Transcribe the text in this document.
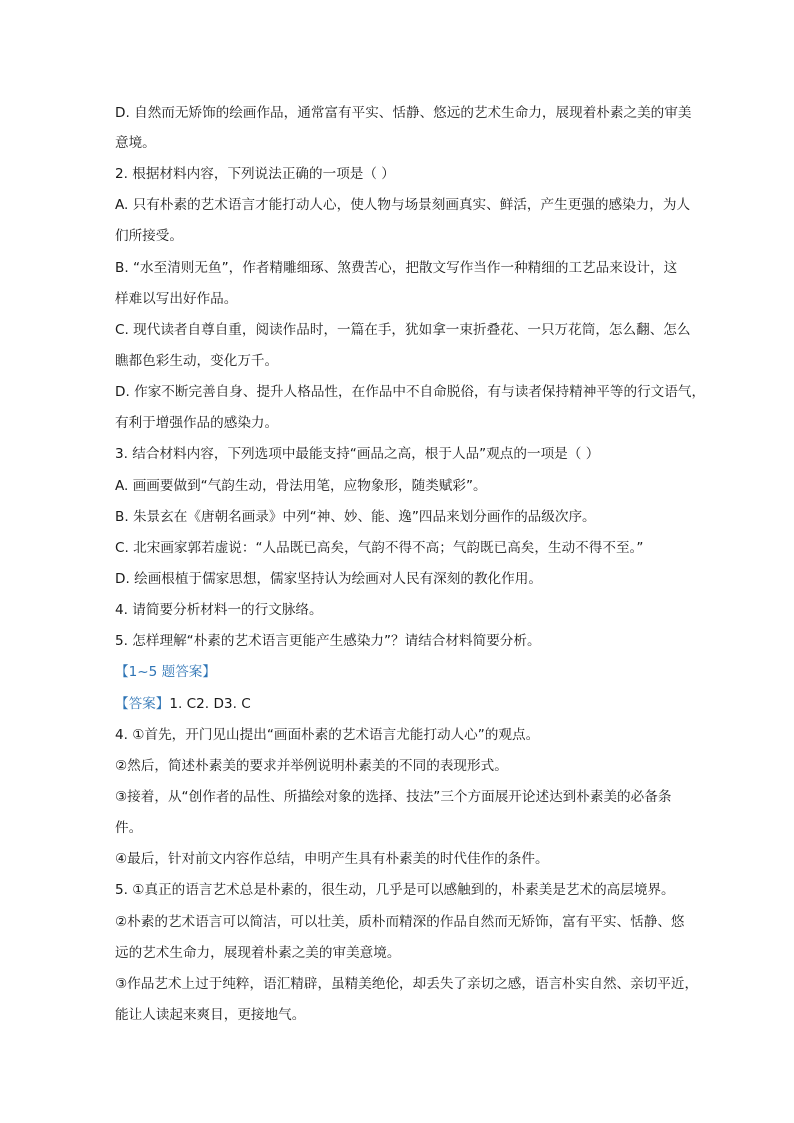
D. 自然而无矫饰的绘画作品，通常富有平实、恬静、悠远的艺术生命力，展现着朴素之美的审美
意境。
2. 根据材料内容，下列说法正确的一项是（ ）
A. 只有朴素的艺术语言才能打动人心，使人物与场景刻画真实、鲜活，产生更强的感染力，为人
们所接受。
B. “水至清则无鱼”，作者精雕细琢、煞费苦心，把散文写作当作一种精细的工艺品来设计，这
样难以写出好作品。
C. 现代读者自尊自重，阅读作品时，一篇在手，犹如拿一束折叠花、一只万花筒，怎么翻、怎么
瞧都色彩生动，变化万千。
D. 作家不断完善自身、提升人格品性，在作品中不自命脱俗，有与读者保持精神平等的行文语气，
有利于增强作品的感染力。
3. 结合材料内容，下列选项中最能支持“画品之高，根于人品”观点的一项是（ ）
A. 画画要做到“气韵生动，骨法用笔，应物象形，随类赋彩”。
B. 朱景玄在《唐朝名画录》中列“神、妙、能、逸”四品来划分画作的品级次序。
C. 北宋画家郭若虚说：“人品既已高矣，气韵不得不高；气韵既已高矣，生动不得不至。”
D. 绘画根植于儒家思想，儒家坚持认为绘画对人民有深刻的教化作用。
4. 请简要分析材料一的行文脉络。
5. 怎样理解“朴素的艺术语言更能产生感染力”？请结合材料简要分析。
【1~5 题答案】
【答案】1. C2. D3. C
4. ①首先，开门见山提出“画面朴素的艺术语言尤能打动人心”的观点。
②然后，简述朴素美的要求并举例说明朴素美的不同的表现形式。
③接着，从“创作者的品性、所描绘对象的选择、技法”三个方面展开论述达到朴素美的必备条
件。
④最后，针对前文内容作总结，申明产生具有朴素美的时代佳作的条件。
5. ①真正的语言艺术总是朴素的，很生动，几乎是可以感触到的，朴素美是艺术的高层境界。
②朴素的艺术语言可以简洁，可以壮美，质朴而精深的作品自然而无矫饰，富有平实、恬静、悠
远的艺术生命力，展现着朴素之美的审美意境。
③作品艺术上过于纯粹，语汇精辟，虽精美绝伦，却丢失了亲切之感，语言朴实自然、亲切平近，
能让人读起来爽目，更接地气。
